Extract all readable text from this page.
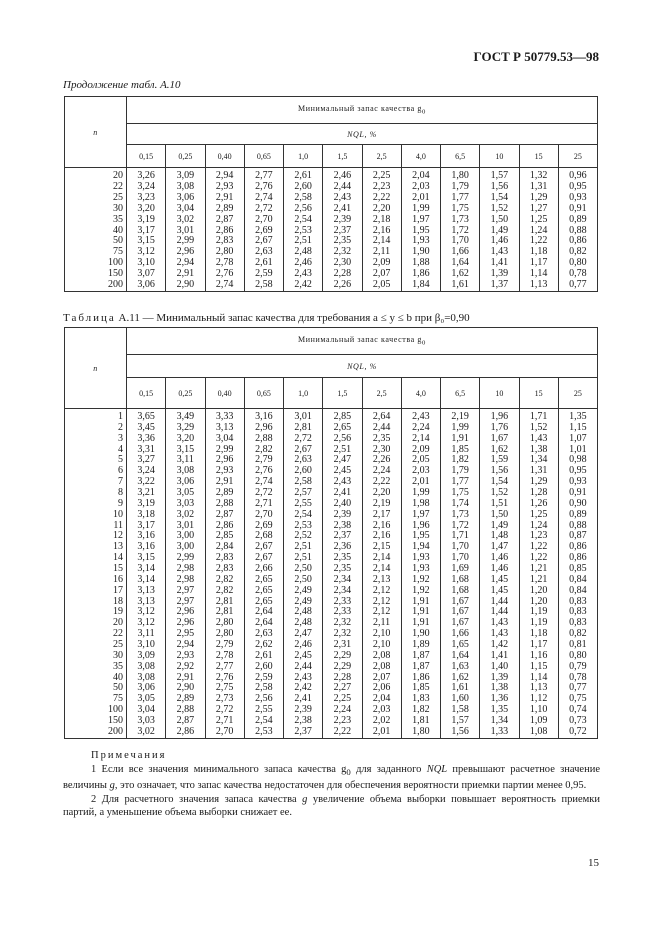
ГОСТ Р 50779.53—98
Продолжение табл. А.10
n	Минимальный запас качества $g_0$
	NQL, %											
	0,15	0,25	0,40	0,65	1,0	1,5	2,5	4,0	6,5	10	15	25
20	3,26	3,09	2,94	2,77	2,61	2,46	2,25	2,04	1,80	1,57	1,32	0,96
22	3,24	3,08	2,93	2,76	2,60	2,44	2,23	2,03	1,79	1,56	1,31	0,95
25	3,23	3,06	2,91	2,74	2,58	2,43	2,22	2,01	1,77	1,54	1,29	0,93
30	3,20	3,04	2,89	2,72	2,56	2,41	2,20	1,99	1,75	1,52	1,27	0,91
35	3,19	3,02	2,87	2,70	2,54	2,39	2,18	1,97	1,73	1,50	1,25	0,89
40	3,17	3,01	2,86	2,69	2,53	2,37	2,16	1,95	1,72	1,49	1,24	0,88
50	3,15	2,99	2,83	2,67	2,51	2,35	2,14	1,93	1,70	1,46	1,22	0,86
75	3,12	2,96	2,80	2,63	2,48	2,32	2,11	1,90	1,66	1,43	1,18	0,82
100	3,10	2,94	2,78	2,61	2,46	2,30	2,09	1,88	1,64	1,41	1,17	0,80
150	3,07	2,91	2,76	2,59	2,43	2,28	2,07	1,86	1,62	1,39	1,14	0,78
200	3,06	2,90	2,74	2,58	2,42	2,26	2,05	1,84	1,61	1,37	1,13	0,77
Таблица А.11 — Минимальный запас качества для требования a ≤ y ≤ b при β₀=0,90
n	Минимальный запас качества $g_0$
	NQL, %											
	0,15	0,25	0,40	0,65	1,0	1,5	2,5	4,0	6,5	10	15	25
1	3,65	3,49	3,33	3,16	3,01	2,85	2,64	2,43	2,19	1,96	1,71	1,35
2	3,45	3,29	3,13	2,96	2,81	2,65	2,44	2,24	1,99	1,76	1,52	1,15
3	3,36	3,20	3,04	2,88	2,72	2,56	2,35	2,14	1,91	1,67	1,43	1,07
4	3,31	3,15	2,99	2,82	2,67	2,51	2,30	2,09	1,85	1,62	1,38	1,01
5	3,27	3,11	2,96	2,79	2,63	2,47	2,26	2,05	1,82	1,59	1,34	0,98
6	3,24	3,08	2,93	2,76	2,60	2,45	2,24	2,03	1,79	1,56	1,31	0,95
7	3,22	3,06	2,91	2,74	2,58	2,43	2,22	2,01	1,77	1,54	1,29	0,93
8	3,21	3,05	2,89	2,72	2,57	2,41	2,20	1,99	1,75	1,52	1,28	0,91
9	3,19	3,03	2,88	2,71	2,55	2,40	2,19	1,98	1,74	1,51	1,26	0,90
10	3,18	3,02	2,87	2,70	2,54	2,39	2,17	1,97	1,73	1,50	1,25	0,89
11	3,17	3,01	2,86	2,69	2,53	2,38	2,16	1,96	1,72	1,49	1,24	0,88
12	3,16	3,00	2,85	2,68	2,52	2,37	2,16	1,95	1,71	1,48	1,23	0,87
13	3,16	3,00	2,84	2,67	2,51	2,36	2,15	1,94	1,70	1,47	1,22	0,86
14	3,15	2,99	2,83	2,67	2,51	2,35	2,14	1,93	1,70	1,46	1,22	0,86
15	3,14	2,98	2,83	2,66	2,50	2,35	2,14	1,93	1,69	1,46	1,21	0,85
16	3,14	2,98	2,82	2,65	2,50	2,34	2,13	1,92	1,68	1,45	1,21	0,84
17	3,13	2,97	2,82	2,65	2,49	2,34	2,12	1,92	1,68	1,45	1,20	0,84
18	3,13	2,97	2,81	2,65	2,49	2,33	2,12	1,91	1,67	1,44	1,20	0,83
19	3,12	2,96	2,81	2,64	2,48	2,33	2,12	1,91	1,67	1,44	1,19	0,83
20	3,12	2,96	2,80	2,64	2,48	2,32	2,11	1,91	1,67	1,43	1,19	0,83
22	3,11	2,95	2,80	2,63	2,47	2,32	2,10	1,90	1,66	1,43	1,18	0,82
25	3,10	2,94	2,79	2,62	2,46	2,31	2,10	1,89	1,65	1,42	1,17	0,81
30	3,09	2,93	2,78	2,61	2,45	2,29	2,08	1,87	1,64	1,41	1,16	0,80
35	3,08	2,92	2,77	2,60	2,44	2,29	2,08	1,87	1,63	1,40	1,15	0,79
40	3,08	2,91	2,76	2,59	2,43	2,28	2,07	1,86	1,62	1,39	1,14	0,78
50	3,06	2,90	2,75	2,58	2,42	2,27	2,06	1,85	1,61	1,38	1,13	0,77
75	3,05	2,89	2,73	2,56	2,41	2,25	2,04	1,83	1,60	1,36	1,12	0,75
100	3,04	2,88	2,72	2,55	2,39	2,24	2,03	1,82	1,58	1,35	1,10	0,74
150	3,03	2,87	2,71	2,54	2,38	2,23	2,02	1,81	1,57	1,34	1,09	0,73
200	3,02	2,86	2,70	2,53	2,37	2,22	2,01	1,80	1,56	1,33	1,08	0,72

Примечания

1 Если все значения минимального запаса качества $g_0$ для заданного NQL превышают расчетное значение величины g, это означает, что запас качества недостаточен для обеспечения вероятности приемки партии менее 0,95.

2 Для расчетного значения запаса качества g увеличение объема выборки повышает вероятность приемки партий, а уменьшение объема выборки снижает ее.

15
